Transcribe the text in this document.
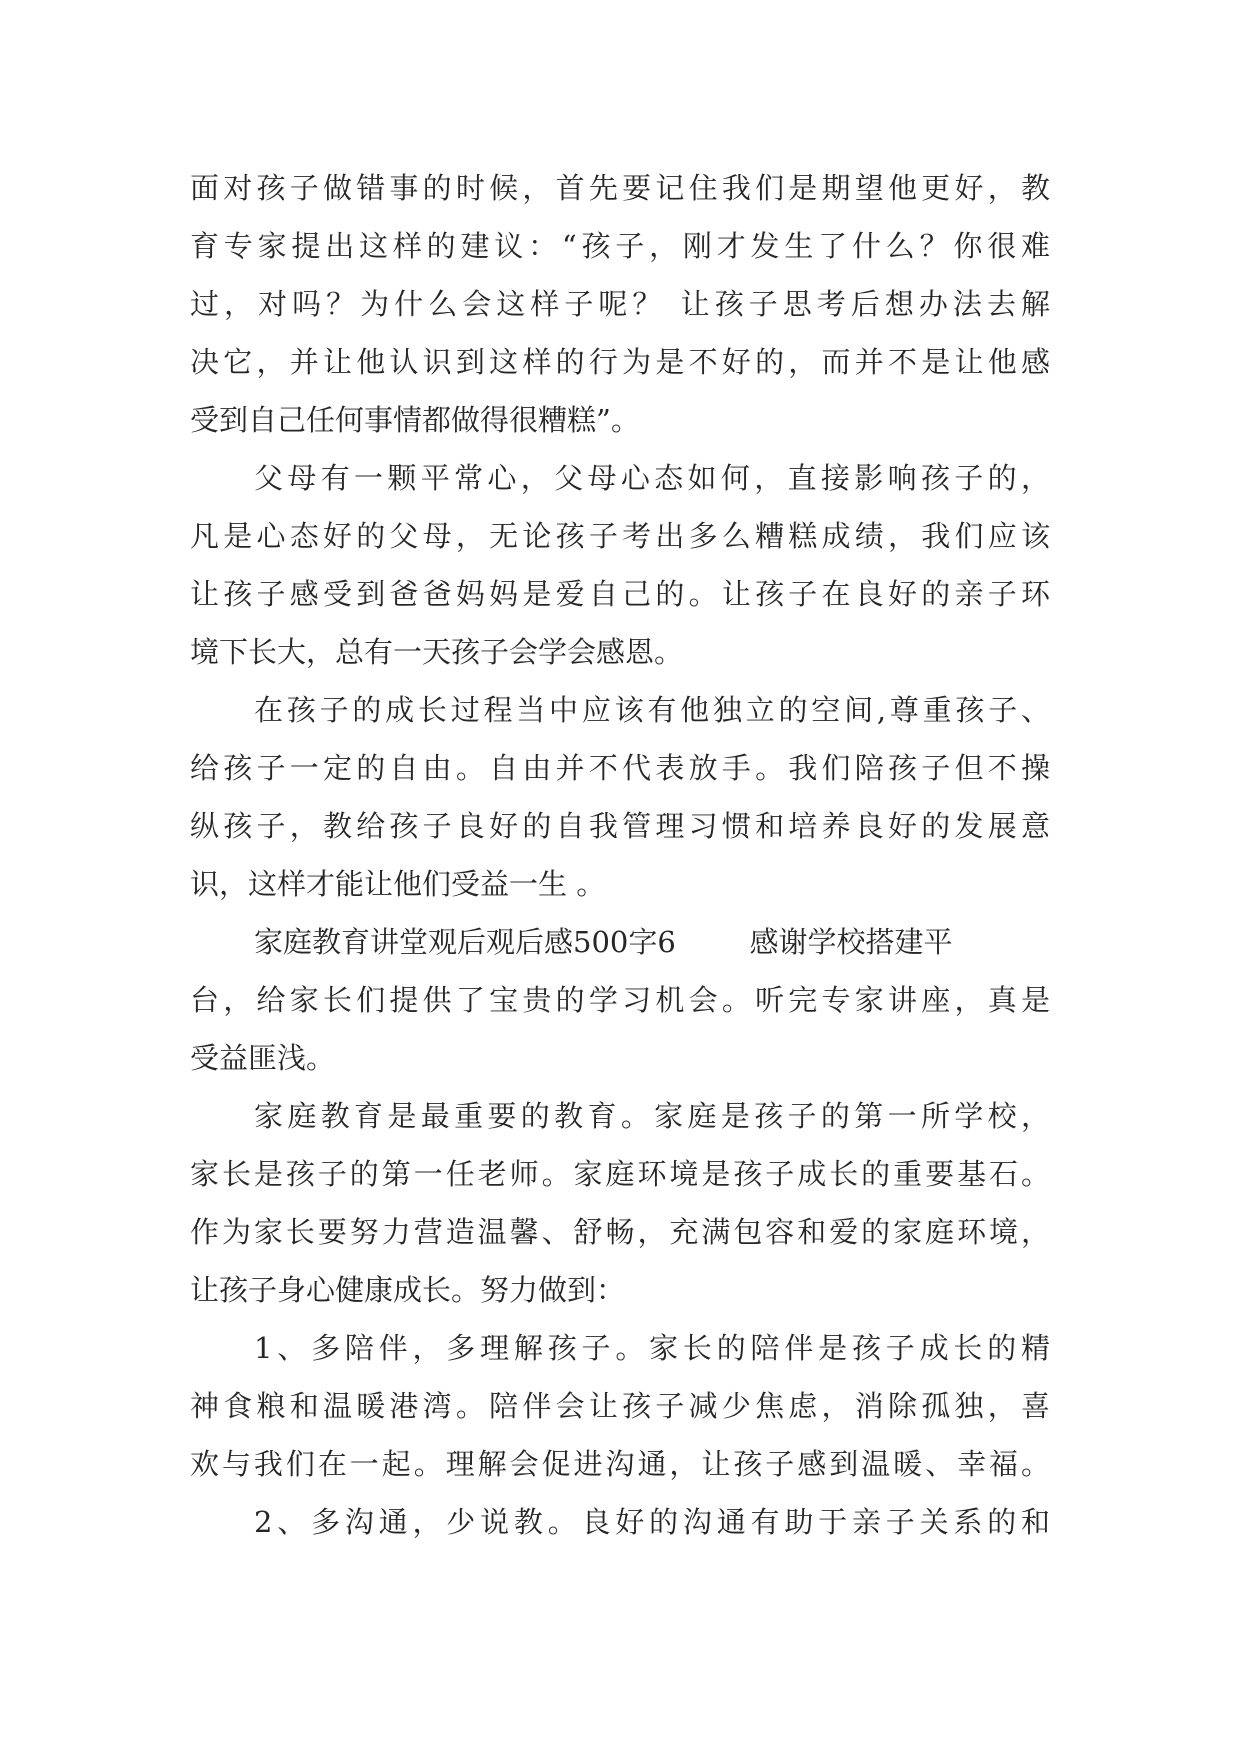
面对孩子做错事的时候，首先要记住我们是期望他更好，教

育专家提出这样的建议：“孩子，刚才发生了什么？你很难

过，对吗？为什么会这样子呢？ 让孩子思考后想办法去解

决它，并让他认识到这样的行为是不好的，而并不是让他感

受到自己任何事情都做得很糟糕”。

父母有一颗平常心，父母心态如何，直接影响孩子的，

凡是心态好的父母，无论孩子考出多么糟糕成绩，我们应该

让孩子感受到爸爸妈妈是爱自己的。让孩子在良好的亲子环

境下长大，总有一天孩子会学会感恩。

在孩子的成长过程当中应该有他独立的空间,尊重孩子、

给孩子一定的自由。自由并不代表放手。我们陪孩子但不操

纵孩子，教给孩子良好的自我管理习惯和培养良好的发展意

识，这样才能让他们受益一生 。

家庭教育讲堂观后观后感500字6        感谢学校搭建平

台，给家长们提供了宝贵的学习机会。听完专家讲座，真是

受益匪浅。

家庭教育是最重要的教育。家庭是孩子的第一所学校，

家长是孩子的第一任老师。家庭环境是孩子成长的重要基石。

作为家长要努力营造温馨、舒畅，充满包容和爱的家庭环境，

让孩子身心健康成长。努力做到：

1、多陪伴，多理解孩子。家长的陪伴是孩子成长的精

神食粮和温暖港湾。陪伴会让孩子减少焦虑，消除孤独，喜

欢与我们在一起。理解会促进沟通，让孩子感到温暖、幸福。

2、多沟通，少说教。良好的沟通有助于亲子关系的和
